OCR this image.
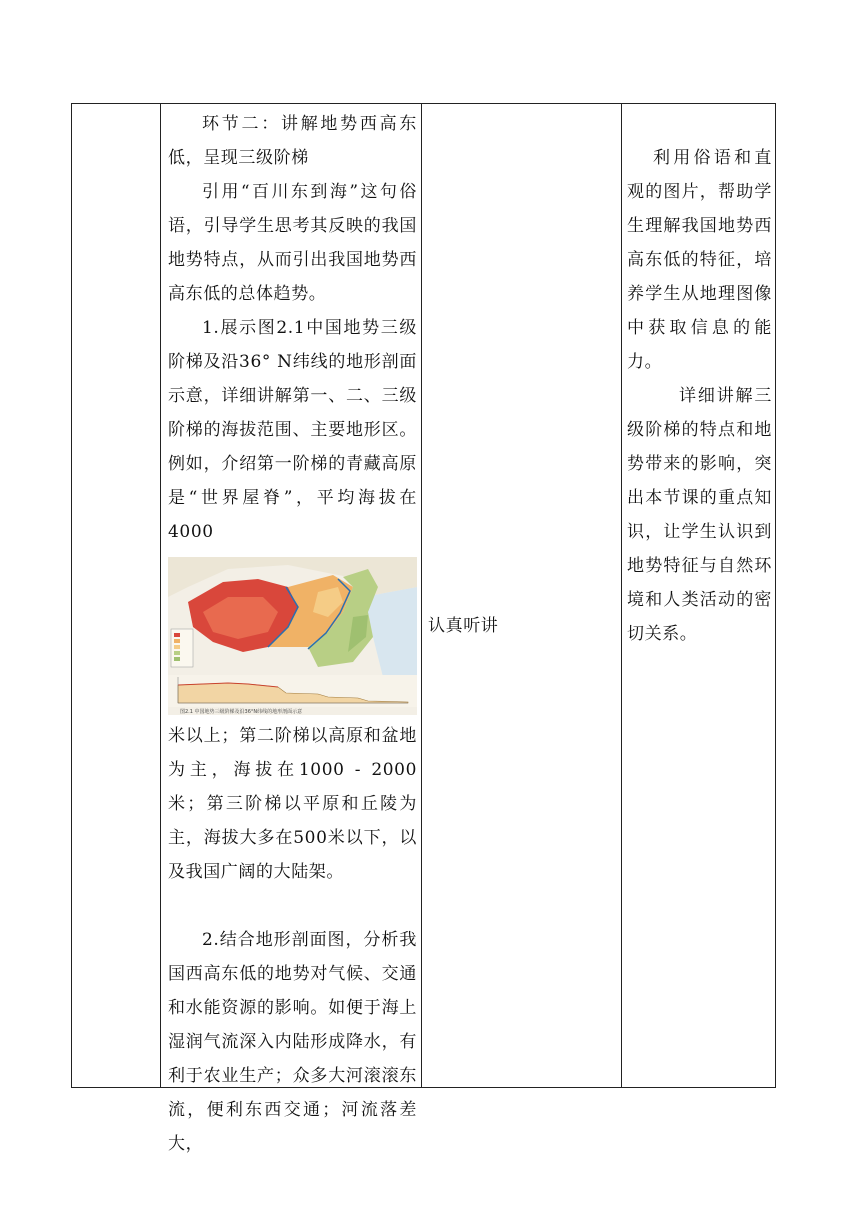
环节二：讲解地势西高东低，呈现三级阶梯

引用“百川东到海”这句俗语，引导学生思考其反映的我国地势特点，从而引出我国地势西高东低的总体趋势。

1.展示图2.1中国地势三级阶梯及沿36° N纬线的地形剖面示意，详细讲解第一、二、三级阶梯的海拔范围、主要地形区。例如，介绍第一阶梯的青藏高原是“世界屋脊”，平均海拔在4000

图2.1 中国地势三级阶梯及沿36°N纬线的地形剖面示意

米以上；第二阶梯以高原和盆地为主，海拔在1000 - 2000米；第三阶梯以平原和丘陵为主，海拔大多在500米以下，以及我国广阔的大陆架。

2.结合地形剖面图，分析我国西高东低的地势对气候、交通和水能资源的影响。如便于海上湿润气流深入内陆形成降水，有利于农业生产；众多大河滚滚东流，便利东西交通；河流落差大，

认真听讲

利用俗语和直观的图片，帮助学生理解我国地势西高东低的特征，培养学生从地理图像中获取信息的能力。

详细讲解三级阶梯的特点和地势带来的影响，突出本节课的重点知识，让学生认识到地势特征与自然环境和人类活动的密切关系。
